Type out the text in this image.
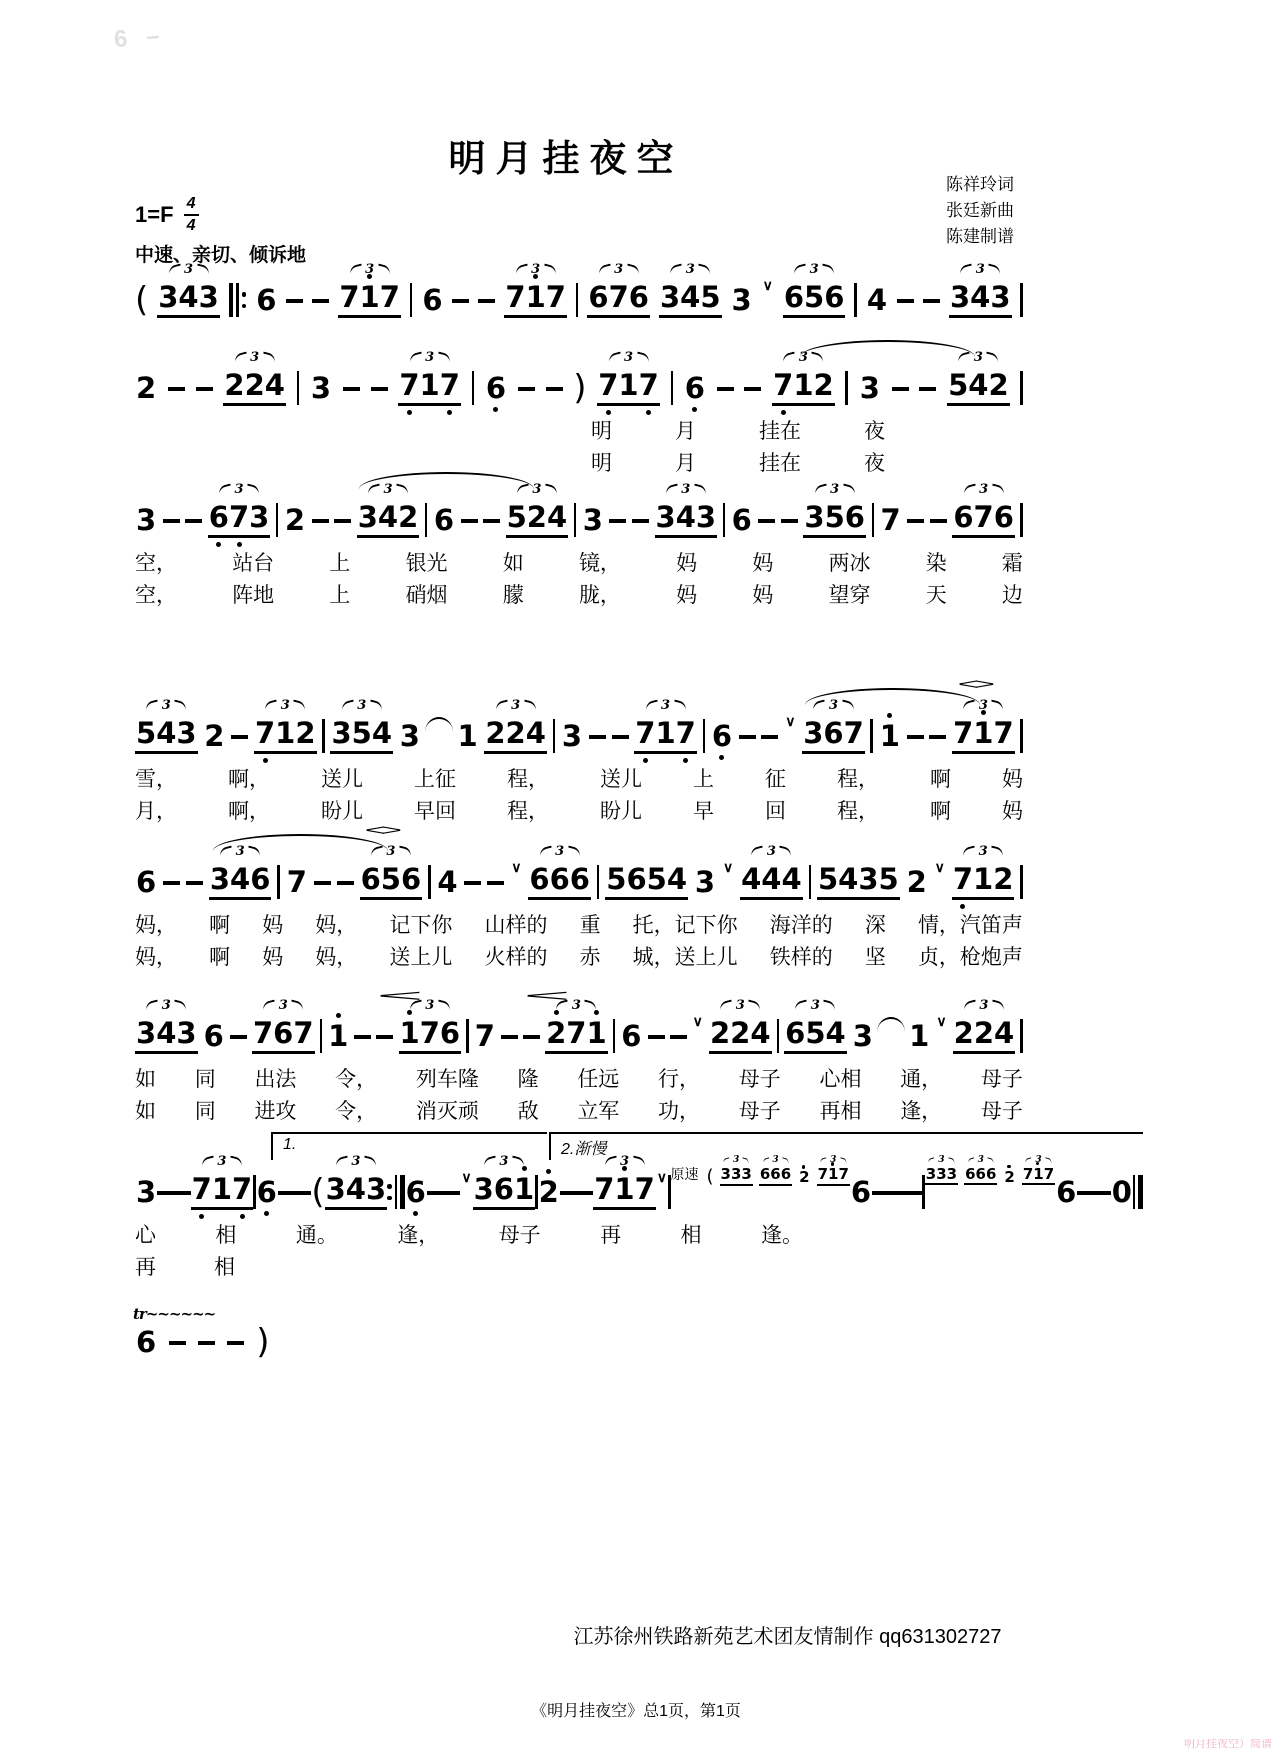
6 –
明月挂夜空
陈祥玲词
张廷新曲
陈建制谱
$1=F \frac{4}{4}$
中速、亲切、倾诉地
( 3 4 3
3
6 7 1 7
3
6 7 1 7
3
6 7 6
3
3 4 5
3
3 ∨ 6 5 6
3
4 3 4 3
3
2 2 2 4
3
3 7 1 7
3
6 ) 7 1 7
3
6 7 1 2
3
3 5 4 2
3
明	月	挂在	夜
明	月	挂在	夜
3 6 7 3
3
2 3 4 2
3
6 5 2 4
3
3 3 4 3
3
6 3 5 6
3
7 6 7 6
3
空，	站台	上	银光	如	镜，	妈	妈	两冰	染	霜
空，	阵地	上	硝烟	朦	胧，	妈	妈	望穿	天	边
5 4 3
3
2 7 1 2
3
3 5 4
3
3 1 2 2 4
3
3 7 1 7
3
6	∨ 3 6 7
3
1 7 1 7
3
<>
雪， 啊， 送儿 上征 程， 送儿 上 征 程， 啊 妈
月， 啊， 盼儿 早回 程， 盼儿 早 回 程， 啊 妈
6 3 4 6
3
7 6 5 6
3
<>
4	∨ 6 6 6
3
5 6 5 4 3 ∨ 4 4 4
3
5 4 3 5 2 ∨ 7 1 2
3
妈， 啊 妈 妈， 记下你 山样的 重 托，记下你 海洋的 深 情，汽笛声
妈， 啊 妈 妈， 送上儿 火样的 赤 城，送上儿 铁样的 坚 贞，枪炮声
3 4 3
3
6 7 6 7
3
1 1 7 6
3
<
7 2 7 1
3
<
6	∨ 2 2 4
3
6 5 4
3
3 1 ∨ 2 2 4
3
如 同 出法 令， 列车隆 隆 任远 行， 母子 心相 通， 母子
如 同 进攻 令， 消灭顽 敌 立军 功， 母子 再相 逢， 母子
1.	2.渐慢
3 7 1 7
3
6 ( 3 4 3
3
6	∨ 3 6 1
3
2 7 1 7
3
∨ 原速 ( 3 3 3
3
6 6 6
3
2 7 1 7
3
6
3 3 3
3
6 6 6
3
2 7 1 7
3
6 0
心	相	通。	逢，	母子	再	相	逢。
再	相
6
tr~~~~~~
)
江苏徐州铁路新苑艺术团友情制作 qq631302727
《明月挂夜空》总1页，第1页
明月挂夜空）简谱
